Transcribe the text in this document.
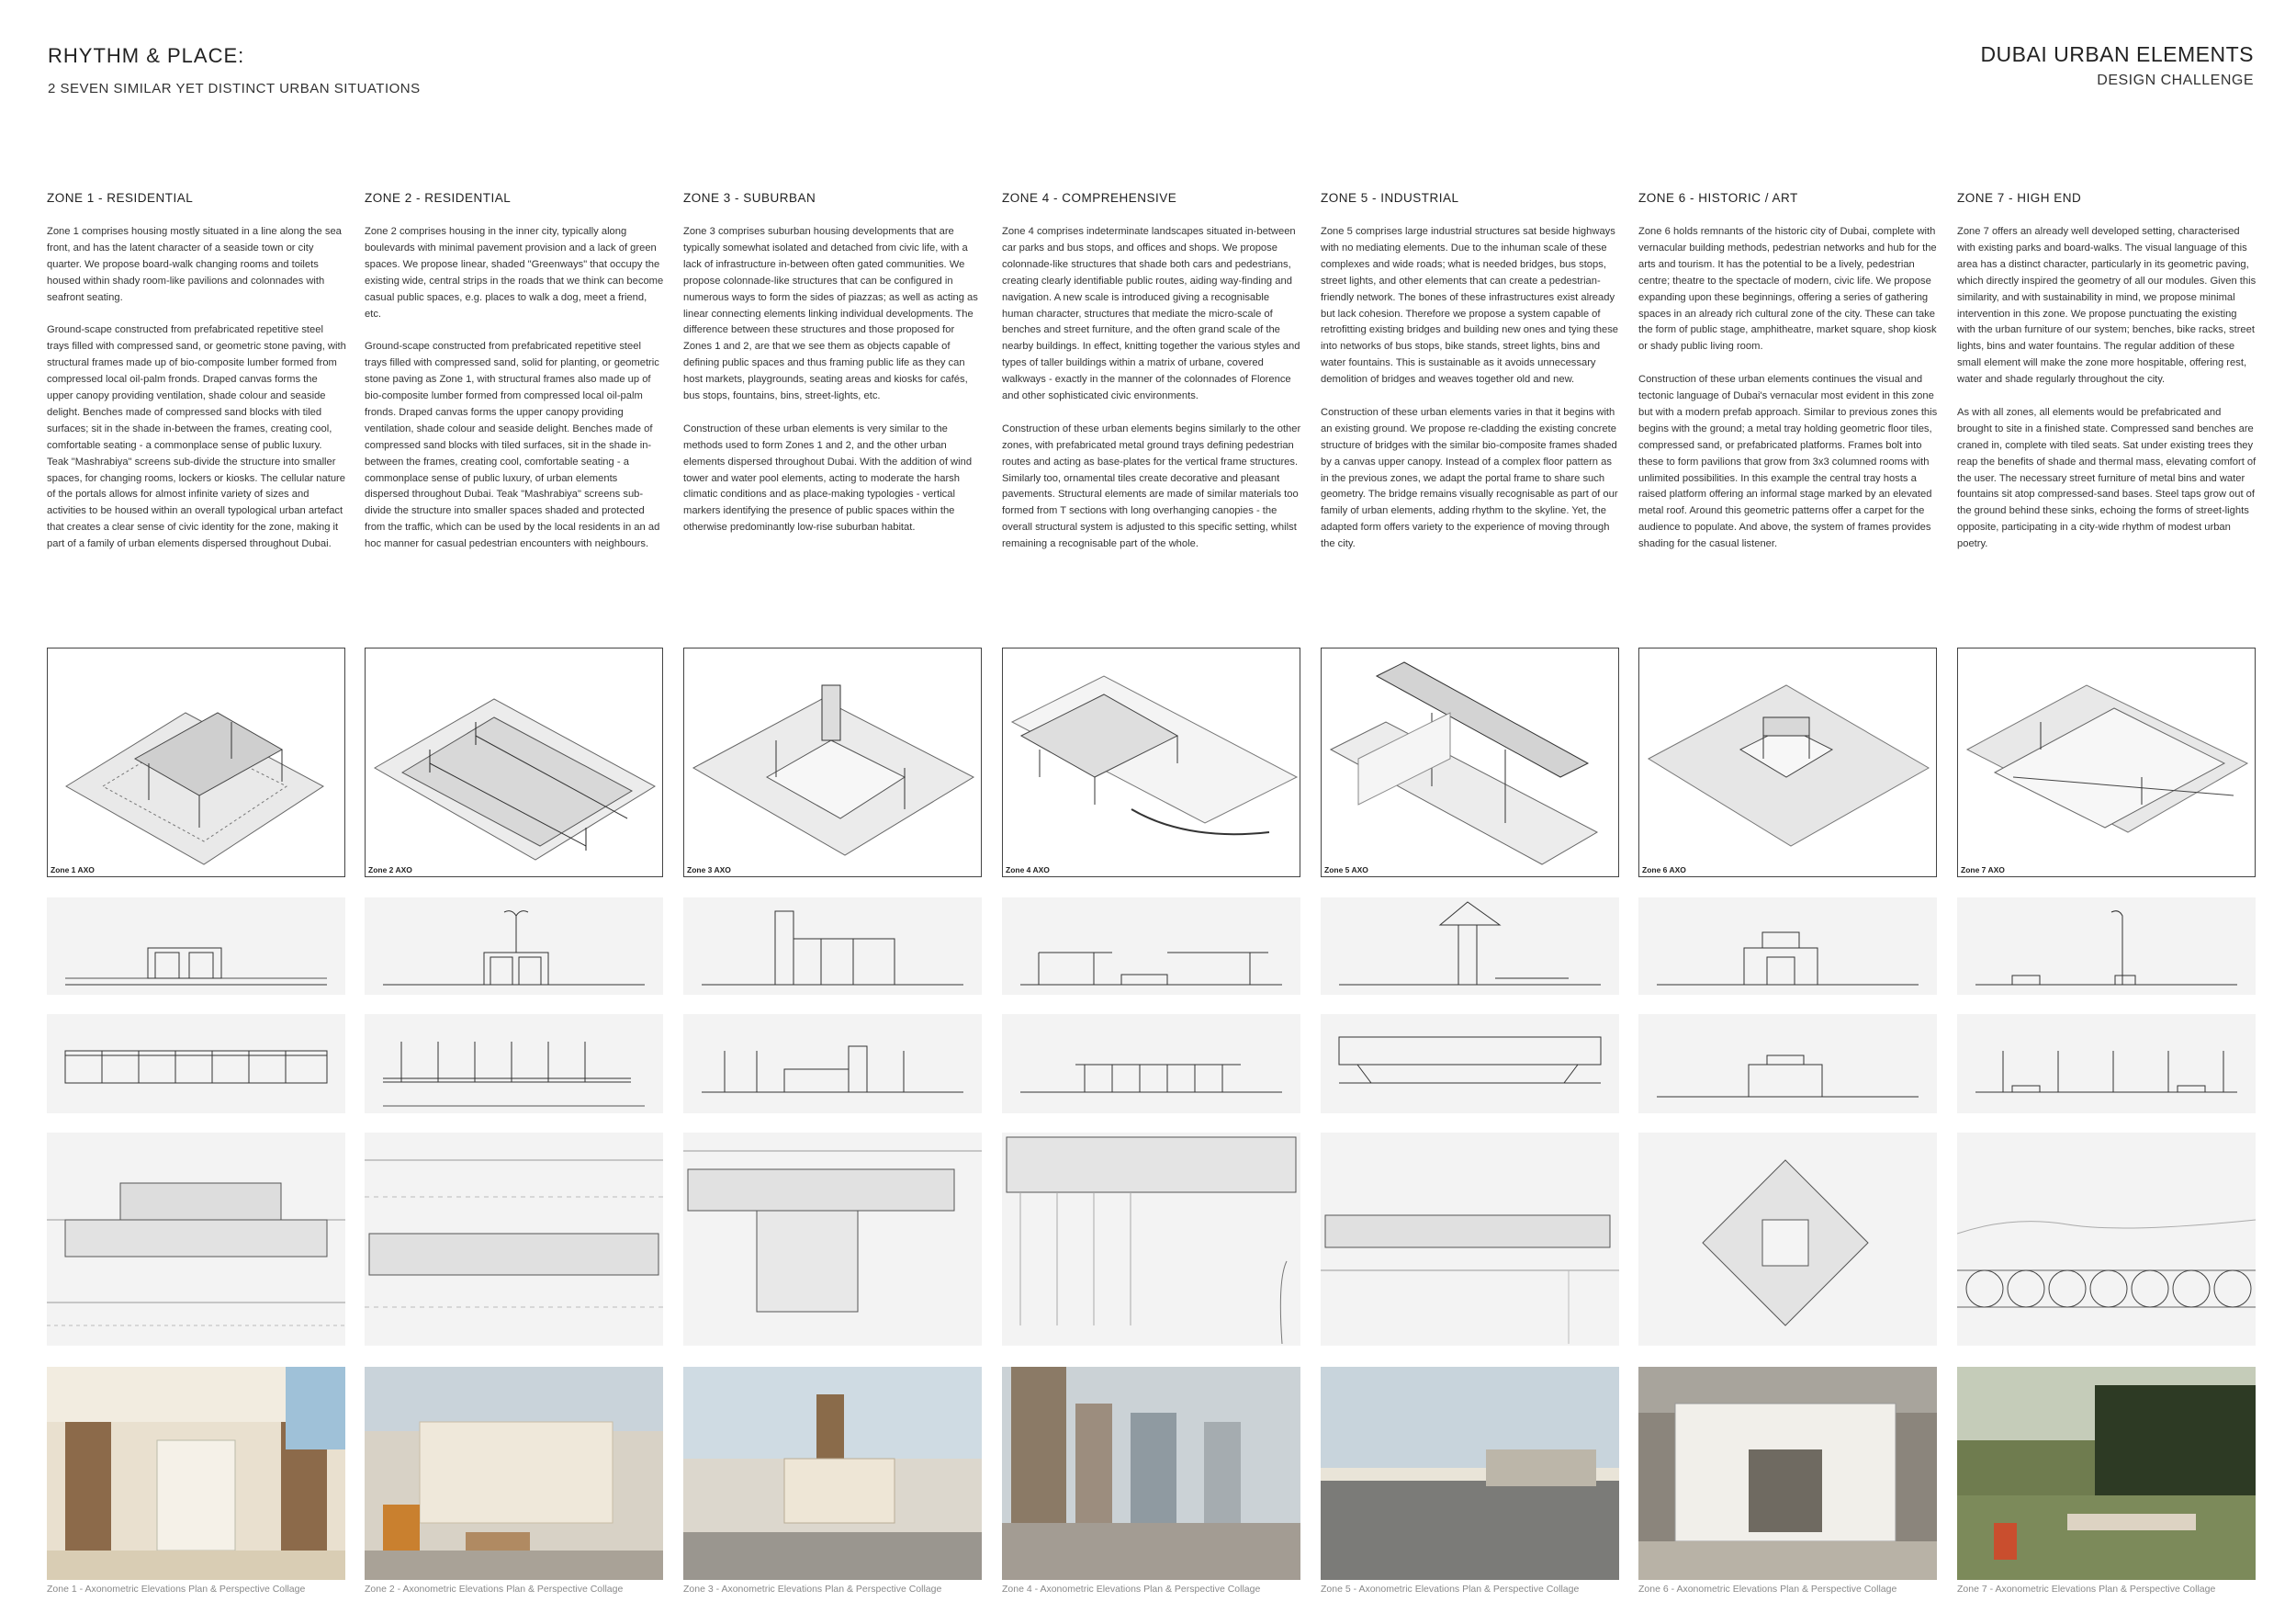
RHYTHM & PLACE:
2 SEVEN SIMILAR YET DISTINCT URBAN SITUATIONS
DUBAI URBAN ELEMENTS
DESIGN CHALLENGE
ZONE 1 - RESIDENTIAL

Zone 1 comprises housing mostly situated in a line along the sea front, and has the latent character of a seaside town or city quarter. We propose board-walk changing rooms and toilets housed within shady room-like pavilions and colonnades with seafront seating.

Ground-scape constructed from prefabricated repetitive steel trays filled with compressed sand, or geometric stone paving, with structural frames made up of bio-composite lumber formed from compressed local oil-palm fronds. Draped canvas forms the upper canopy providing ventilation, shade colour and seaside delight. Benches made of compressed sand blocks with tiled surfaces; sit in the shade in-between the frames, creating cool, comfortable seating - a commonplace sense of public luxury. Teak "Mashrabiya" screens sub-divide the structure into smaller spaces, for changing rooms, lockers or kiosks. The cellular nature of the portals allows for almost infinite variety of sizes and activities to be housed within an overall typological urban artefact that creates a clear sense of civic identity for the zone, making it part of a family of urban elements dispersed throughout Dubai.

Zone 1 AXO
Zone 1 - Axonometric Elevations Plan & Perspective Collage
ZONE 2 - RESIDENTIAL

Zone 2 comprises housing in the inner city, typically along boulevards with minimal pavement provision and a lack of green spaces. We propose linear, shaded "Greenways" that occupy the existing wide, central strips in the roads that we think can become casual public spaces, e.g. places to walk a dog, meet a friend, etc.

Ground-scape constructed from prefabricated repetitive steel trays filled with compressed sand, solid for planting, or geometric stone paving as Zone 1, with structural frames also made up of bio-composite lumber formed from compressed local oil-palm fronds. Draped canvas forms the upper canopy providing ventilation, shade colour and seaside delight. Benches made of compressed sand blocks with tiled surfaces, sit in the shade in-between the frames, creating cool, comfortable seating - a commonplace sense of public luxury, of urban elements dispersed throughout Dubai. Teak "Mashrabiya" screens sub-divide the structure into smaller spaces shaded and protected from the traffic, which can be used by the local residents in an ad hoc manner for casual pedestrian encounters with neighbours.

Zone 2 AXO
Zone 2 - Axonometric Elevations Plan & Perspective Collage
ZONE 3 - SUBURBAN

Zone 3 comprises suburban housing developments that are typically somewhat isolated and detached from civic life, with a lack of infrastructure in-between often gated communities. We propose colonnade-like structures that can be configured in numerous ways to form the sides of piazzas; as well as acting as linear connecting elements linking individual developments. The difference between these structures and those proposed for Zones 1 and 2, are that we see them as objects capable of defining public spaces and thus framing public life as they can host markets, playgrounds, seating areas and kiosks for cafés, bus stops, fountains, bins, street-lights, etc.

Construction of these urban elements is very similar to the methods used to form Zones 1 and 2, and the other urban elements dispersed throughout Dubai. With the addition of wind tower and water pool elements, acting to moderate the harsh climatic conditions and as place-making typologies - vertical markers identifying the presence of public spaces within the otherwise predominantly low-rise suburban habitat.

Zone 3 AXO
Zone 3 - Axonometric Elevations Plan & Perspective Collage
ZONE 4 - COMPREHENSIVE

Zone 4 comprises indeterminate landscapes situated in-between car parks and bus stops, and offices and shops. We propose colonnade-like structures that shade both cars and pedestrians, creating clearly identifiable public routes, aiding way-finding and navigation. A new scale is introduced giving a recognisable human character, structures that mediate the micro-scale of benches and street furniture, and the often grand scale of the nearby buildings. In effect, knitting together the various styles and types of taller buildings within a matrix of urbane, covered walkways - exactly in the manner of the colonnades of Florence and other sophisticated civic environments.

Construction of these urban elements begins similarly to the other zones, with prefabricated metal ground trays defining pedestrian routes and acting as base-plates for the vertical frame structures. Similarly too, ornamental tiles create decorative and pleasant pavements. Structural elements are made of similar materials too formed from T sections with long overhanging canopies - the overall structural system is adjusted to this specific setting, whilst remaining a recognisable part of the whole.

Zone 4 AXO
Zone 4 - Axonometric Elevations Plan & Perspective Collage
ZONE 5 - INDUSTRIAL

Zone 5 comprises large industrial structures sat beside highways with no mediating elements. Due to the inhuman scale of these complexes and wide roads; what is needed bridges, bus stops, street lights, and other elements that can create a pedestrian-friendly network. The bones of these infrastructures exist already but lack cohesion. Therefore we propose a system capable of retrofitting existing bridges and building new ones and tying these into networks of bus stops, bike stands, street lights, bins and water fountains. This is sustainable as it avoids unnecessary demolition of bridges and weaves together old and new.

Construction of these urban elements varies in that it begins with an existing ground. We propose re-cladding the existing concrete structure of bridges with the similar bio-composite frames shaded by a canvas upper canopy. Instead of a complex floor pattern as in the previous zones, we adapt the portal frame to share such geometry. The bridge remains visually recognisable as part of our family of urban elements, adding rhythm to the skyline. Yet, the adapted form offers variety to the experience of moving through the city.

Zone 5 AXO
Zone 5 - Axonometric Elevations Plan & Perspective Collage
ZONE 6 - HISTORIC / ART

Zone 6 holds remnants of the historic city of Dubai, complete with vernacular building methods, pedestrian networks and hub for the arts and tourism. It has the potential to be a lively, pedestrian centre; theatre to the spectacle of modern, civic life. We propose expanding upon these beginnings, offering a series of gathering spaces in an already rich cultural zone of the city. These can take the form of public stage, amphitheatre, market square, shop kiosk or shady public living room.

Construction of these urban elements continues the visual and tectonic language of Dubai's vernacular most evident in this zone but with a modern prefab approach. Similar to previous zones this begins with the ground; a metal tray holding geometric floor tiles, compressed sand, or prefabricated platforms. Frames bolt into these to form pavilions that grow from 3x3 columned rooms with unlimited possibilities. In this example the central tray hosts a raised platform offering an informal stage marked by an elevated metal roof. Around this geometric patterns offer a carpet for the audience to populate. And above, the system of frames provides shading for the casual listener.

Zone 6 AXO
Zone 6 - Axonometric Elevations Plan & Perspective Collage
ZONE 7 - HIGH END

Zone 7 offers an already well developed setting, characterised with existing parks and board-walks. The visual language of this area has a distinct character, particularly in its geometric paving, which directly inspired the geometry of all our modules. Given this similarity, and with sustainability in mind, we propose minimal intervention in this zone. We propose punctuating the existing with the urban furniture of our system; benches, bike racks, street lights, bins and water fountains. The regular addition of these small element will make the zone more hospitable, offering rest, water and shade regularly throughout the city.

As with all zones, all elements would be prefabricated and brought to site in a finished state. Compressed sand benches are craned in, complete with tiled seats. Sat under existing trees they reap the benefits of shade and thermal mass, elevating comfort of the user. The necessary street furniture of metal bins and water fountains sit atop compressed-sand bases. Steel taps grow out of the ground behind these sinks, echoing the forms of street-lights opposite, participating in a city-wide rhythm of modest urban poetry.

Zone 7 AXO
Zone 7 - Axonometric Elevations Plan & Perspective Collage
